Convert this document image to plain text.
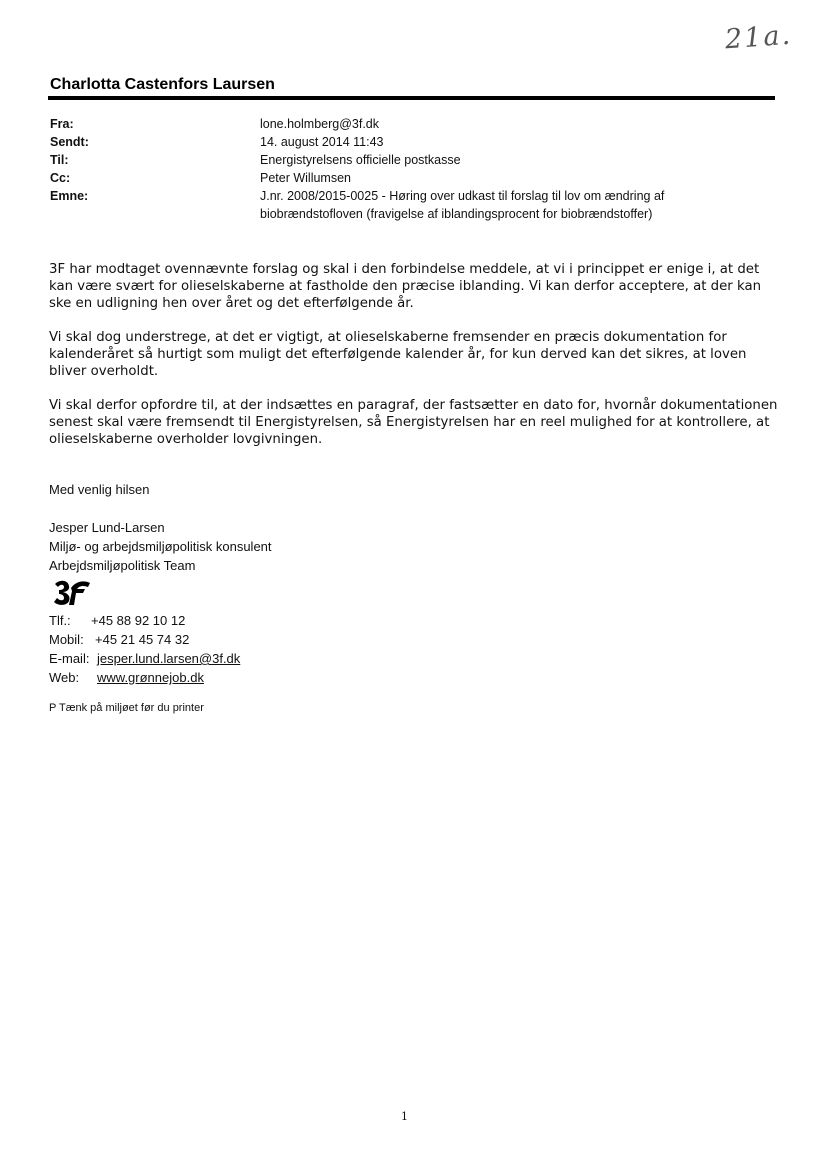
21a.
Charlotta Castenfors Laursen
Fra:	lone.holmberg@3f.dk
Sendt:	14. august 2014 11:43
Til:	Energistyrelsens officielle postkasse
Cc:	Peter Willumsen
Emne:	J.nr. 2008/2015-0025 - Høring over udkast til forslag til lov om ændring af
biobrændstofloven (fravigelse af iblandingsprocent for biobrændstoffer)

3F har modtaget ovennævnte forslag og skal i den forbindelse meddele, at vi i princippet er enige i, at det kan være svært for olieselskaberne at fastholde den præcise iblanding. Vi kan derfor acceptere, at der kan ske en udligning hen over året og det efterfølgende år.

Vi skal dog understrege, at det er vigtigt, at olieselskaberne fremsender en præcis dokumentation for kalenderåret så hurtigt som muligt det efterfølgende kalender år, for kun derved kan det sikres, at loven bliver overholdt.

Vi skal derfor opfordre til, at der indsættes en paragraf, der fastsætter en dato for, hvornår dokumentationen senest skal være fremsendt til Energistyrelsen, så Energistyrelsen har en reel mulighed for at kontrollere, at olieselskaberne overholder lovgivningen.

Med venlig hilsen
Jesper Lund-Larsen
Miljø- og arbejdsmiljøpolitisk konsulent
Arbejdsmiljøpolitisk Team
Tlf.:	+45 88 92 10 12
Mobil: +45 21 45 74 32
E-mail: jesper.lund.larsen@3f.dk
Web:	www.grønnejob.dk
P Tænk på miljøet før du printer
1
